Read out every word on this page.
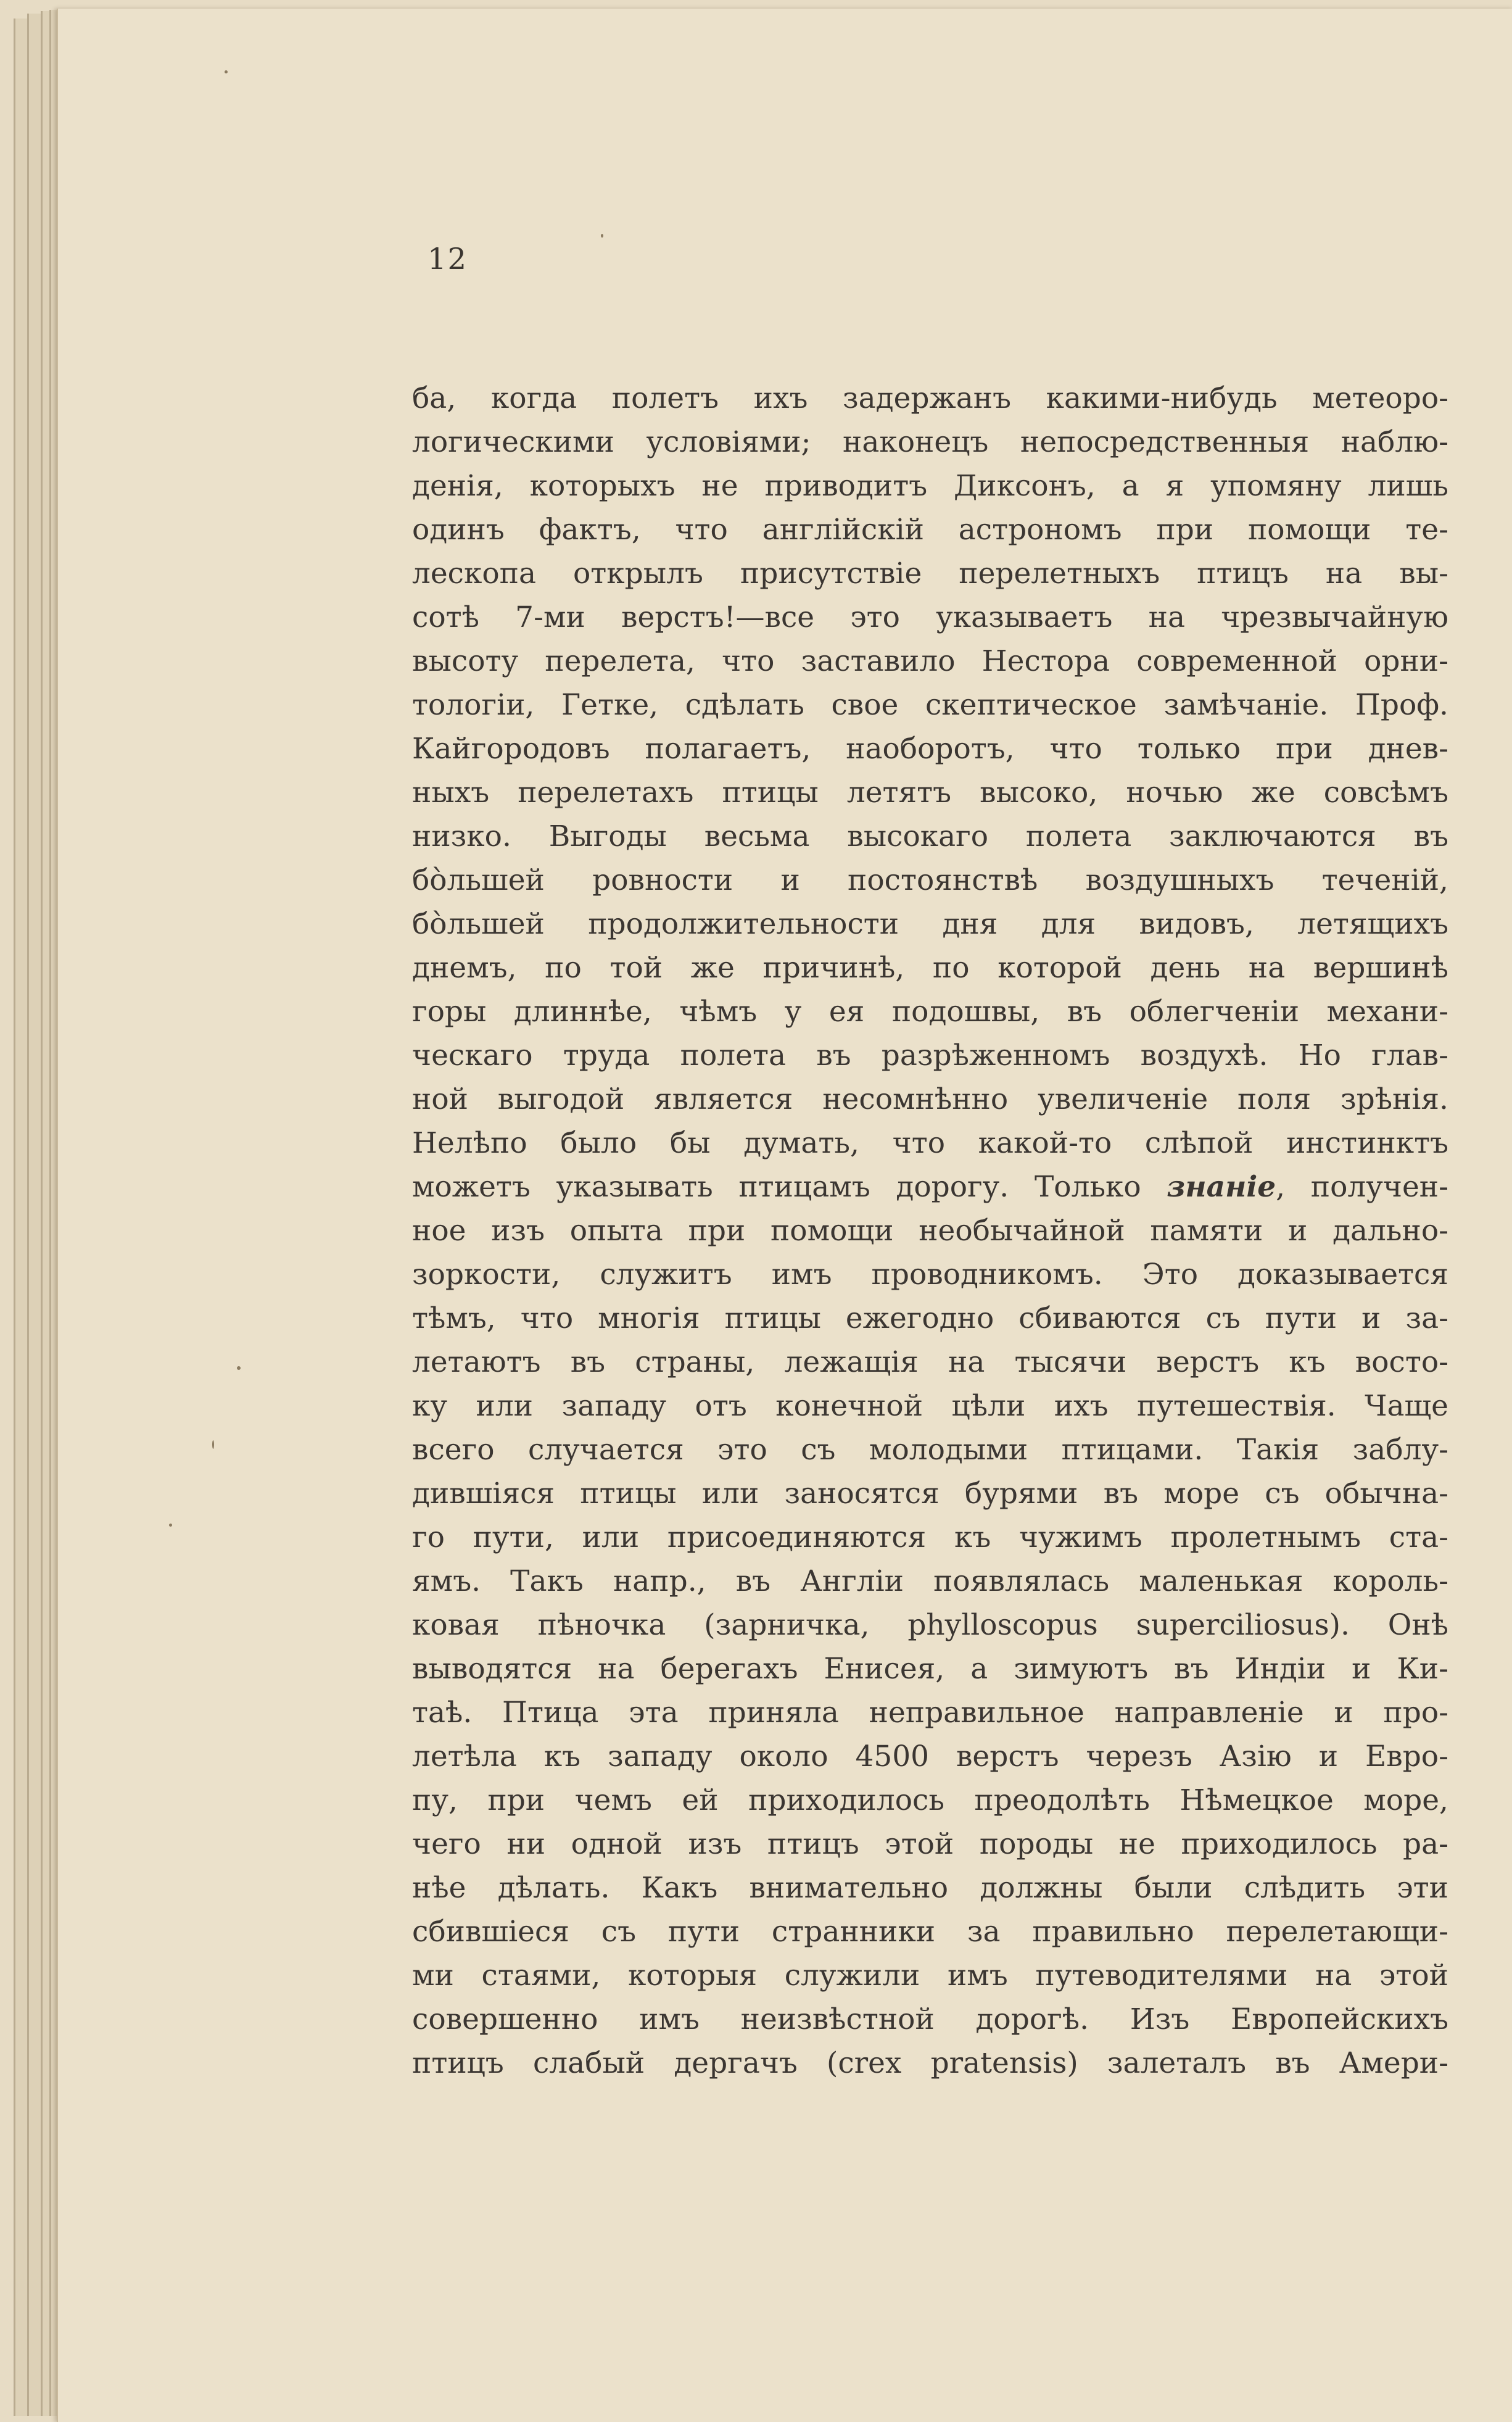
12
ба, когда полетъ ихъ задержанъ какими-нибудь метеоро-
логическими условіями; наконецъ непосредственныя наблю-
денія, которыхъ не приводитъ Диксонъ, а я упомяну лишь
одинъ фактъ, что англійскій астрономъ при помощи те-
лескопа открылъ присутствіе перелетныхъ птицъ на вы-
сотѣ 7-ми верстъ!—все это указываетъ на чрезвычайную
высоту перелета, что заставило Нестора современной орни-
тологіи, Гетке, сдѣлать свое скептическое замѣчаніе. Проф.
Кайгородовъ полагаетъ, наоборотъ, что только при днев-
ныхъ перелетахъ птицы летятъ высоко, ночью же совсѣмъ
низко. Выгоды весьма высокаго полета заключаются въ
бо̀льшей ровности и постоянствѣ воздушныхъ теченій,
бо̀льшей продолжительности дня для видовъ, летящихъ
днемъ, по той же причинѣ, по которой день на вершинѣ
горы длиннѣе, чѣмъ у ея подошвы, въ облегченіи механи-
ческаго труда полета въ разрѣженномъ воздухѣ. Но глав-
ной выгодой является несомнѣнно увеличеніе поля зрѣнія.
Нелѣпо было бы думать, что какой-то слѣпой инстинктъ
можетъ указывать птицамъ дорогу. Только знаніе, получен-
ное изъ опыта при помощи необычайной памяти и дально-
зоркости, служитъ имъ проводникомъ. Это доказывается
тѣмъ, что многія птицы ежегодно сбиваются съ пути и за-
летаютъ въ страны, лежащія на тысячи верстъ къ восто-
ку или западу отъ конечной цѣли ихъ путешествія. Чаще
всего случается это съ молодыми птицами. Такія заблу-
дившіяся птицы или заносятся бурями въ море съ обычна-
го пути, или присоединяются къ чужимъ пролетнымъ ста-
ямъ. Такъ напр., въ Англіи появлялась маленькая король-
ковая пѣночка (зарничка, phylloscopus superciliosus). Онѣ
выводятся на берегахъ Енисея, а зимуютъ въ Индіи и Ки-
таѣ. Птица эта приняла неправильное направленіе и про-
летѣла къ западу около 4500 верстъ черезъ Азію и Евро-
пу, при чемъ ей приходилось преодолѣть Нѣмецкое море,
чего ни одной изъ птицъ этой породы не приходилось ра-
нѣе дѣлать. Какъ внимательно должны были слѣдить эти
сбившіеся съ пути странники за правильно перелетающи-
ми стаями, которыя служили имъ путеводителями на этой
совершенно имъ неизвѣстной дорогѣ. Изъ Европейскихъ
птицъ слабый дергачъ (crex pratensis) залеталъ въ Амери-
